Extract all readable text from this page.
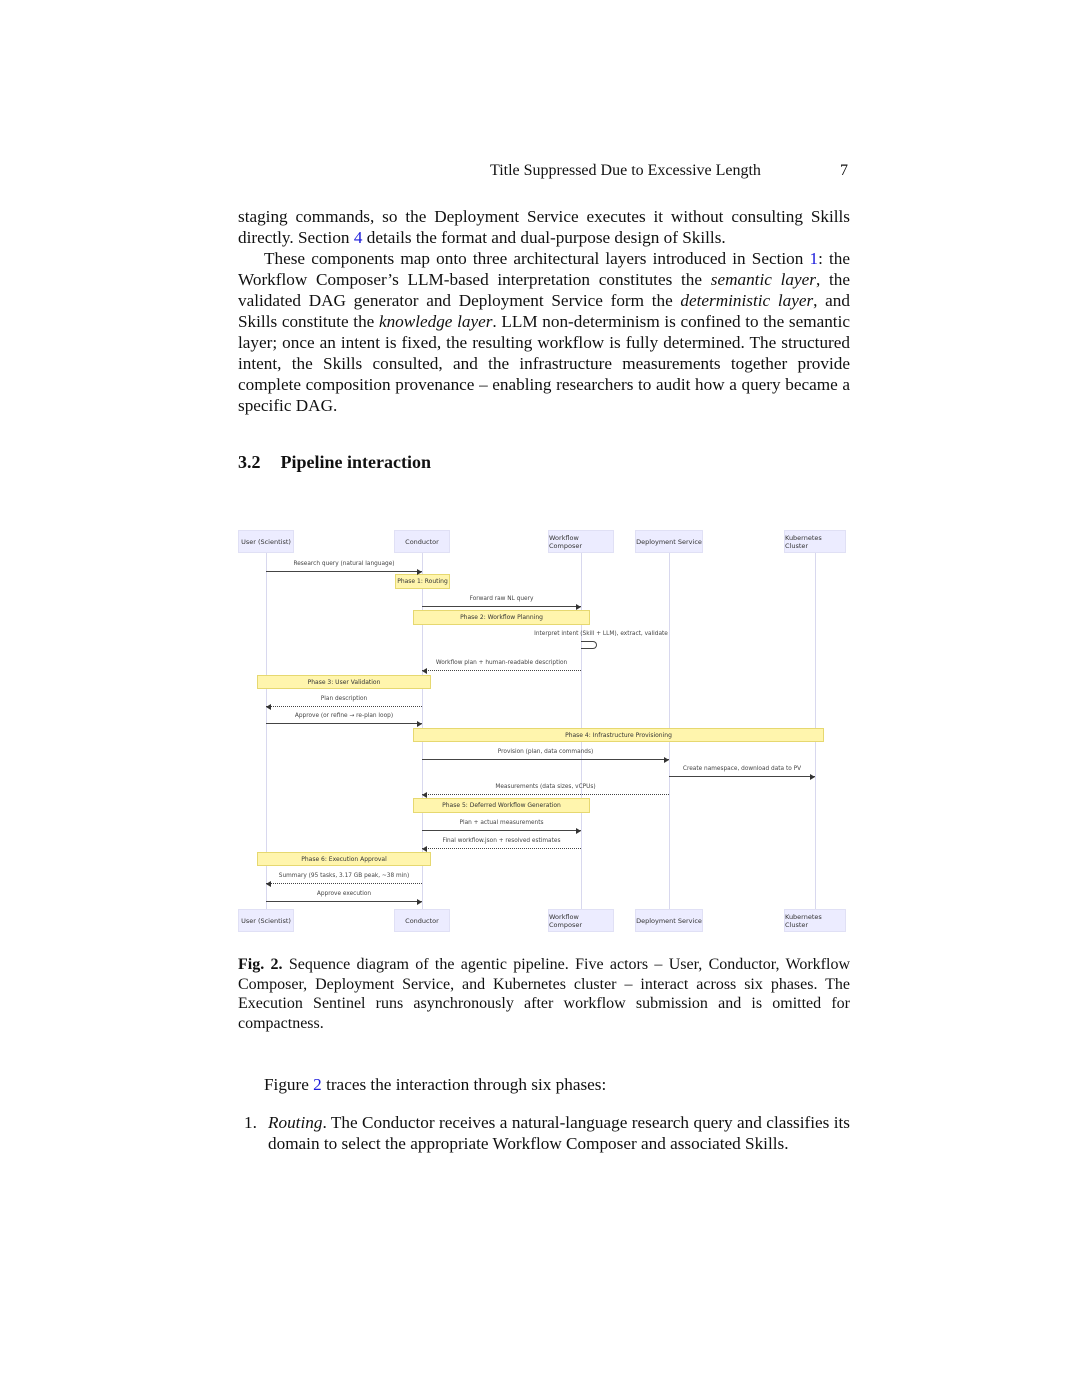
Title Suppressed Due to Excessive Length	7

staging commands, so the Deployment Service executes it without consulting Skills directly. Section 4 details the format and dual-purpose design of Skills.

These components map onto three architectural layers introduced in Section 1: the Workflow Composer’s LLM-based interpretation constitutes the semantic layer, the validated DAG generator and Deployment Service form the deterministic layer, and Skills constitute the knowledge layer. LLM non-determinism is confined to the semantic layer; once an intent is fixed, the resulting workflow is fully determined. The structured intent, the Skills consulted, and the infrastructure measurements together provide complete composition provenance – enabling researchers to audit how a query became a specific DAG.

3.2 Pipeline interaction
User (Scientist)
User (Scientist)
Conductor
Conductor
Workflow Composer
Workflow Composer
Deployment Service
Deployment Service
Kubernetes Cluster
Kubernetes Cluster
Phase 1: Routing
Phase 2: Workflow Planning
Phase 3: User Validation
Phase 4: Infrastructure Provisioning
Phase 5: Deferred Workflow Generation
Phase 6: Execution Approval
Research query (natural language)
Forward raw NL query
Interpret intent (Skill + LLM), extract, validate
Workflow plan + human-readable description
Plan description
Approve (or refine → re-plan loop)
Provision (plan, data commands)
Create namespace, download data to PV
Measurements (data sizes, vCPUs)
Plan + actual measurements
Final workflow.json + resolved estimates
Summary (95 tasks, 3.17 GB peak, ~38 min)
Approve execution

Fig. 2. Sequence diagram of the agentic pipeline. Five actors – User, Conductor, Workflow Composer, Deployment Service, and Kubernetes cluster – interact across six phases. The Execution Sentinel runs asynchronously after workflow submission and is omitted for compactness.

Figure 2 traces the interaction through six phases:

1. Routing. The Conductor receives a natural-language research query and classifies its domain to select the appropriate Workflow Composer and associated Skills.
